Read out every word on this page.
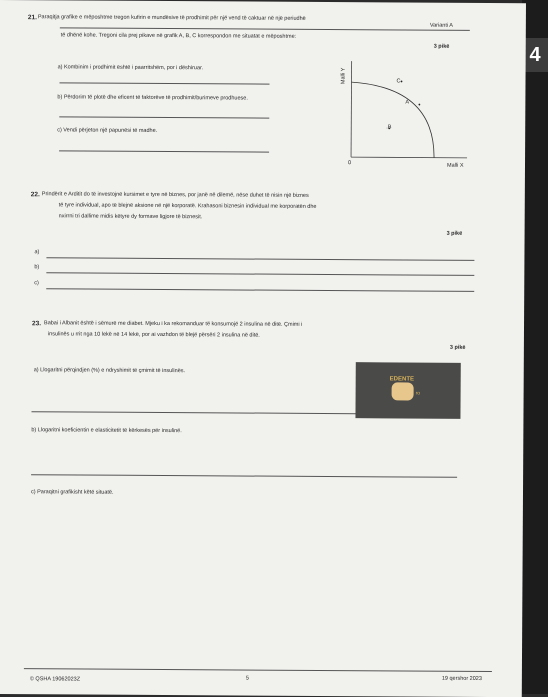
4
Varianti A
21. Paraqitja grafike e mëposhtme tregon kufirin e mundësive të prodhimit për një vend të caktuar në një periudhë
të dhënë kohe. Tregoni cila prej pikave në grafik A, B, C korrespondon me situatat e mëposhtme:
3 pikë
a) Kombinim i prodhimit është i paarritshëm, por i dëshiruar.
b) Përdorim të plotë dhe eficent të faktorëve të prodhimit/burimeve prodhuese.
c) Vendi përjeton një papunësi të madhe.
Malli Y
Malli X
0
A
.B
C
22. Prindërit e Arditit do të investojnë kursimet e tyre në biznes, por janë në dilemë, nëse duhet të nisin një biznes
të tyre individual, apo të blejnë aksione në një korporatë. Krahasoni biznesin individual me korporatën dhe
nxirrni tri dallime midis këtyre dy formave ligjore të biznesit.
3 pikë
a)
b)
c)
23. Babai i Albanit është i sëmurë me diabet. Mjeku i ka rekomanduar të konsumojë 2 insulina në ditë. Çmimi i
insulinës u rrit nga 10 lekë në 14 lekë, por ai vazhdon të blejë përsëri 2 insulina në ditë.
3 pikë
a) Llogaritni përqindjen (%) e ndryshimit të çmimit të insulinës.
EDENTE
ro
b) Llogaritni koeficientin e elasticitetit të kërkesës për insulinë.
c) Paraqitni grafikisht këtë situatë.
© QSHA 19062023Z	5	19 qershor 2023
